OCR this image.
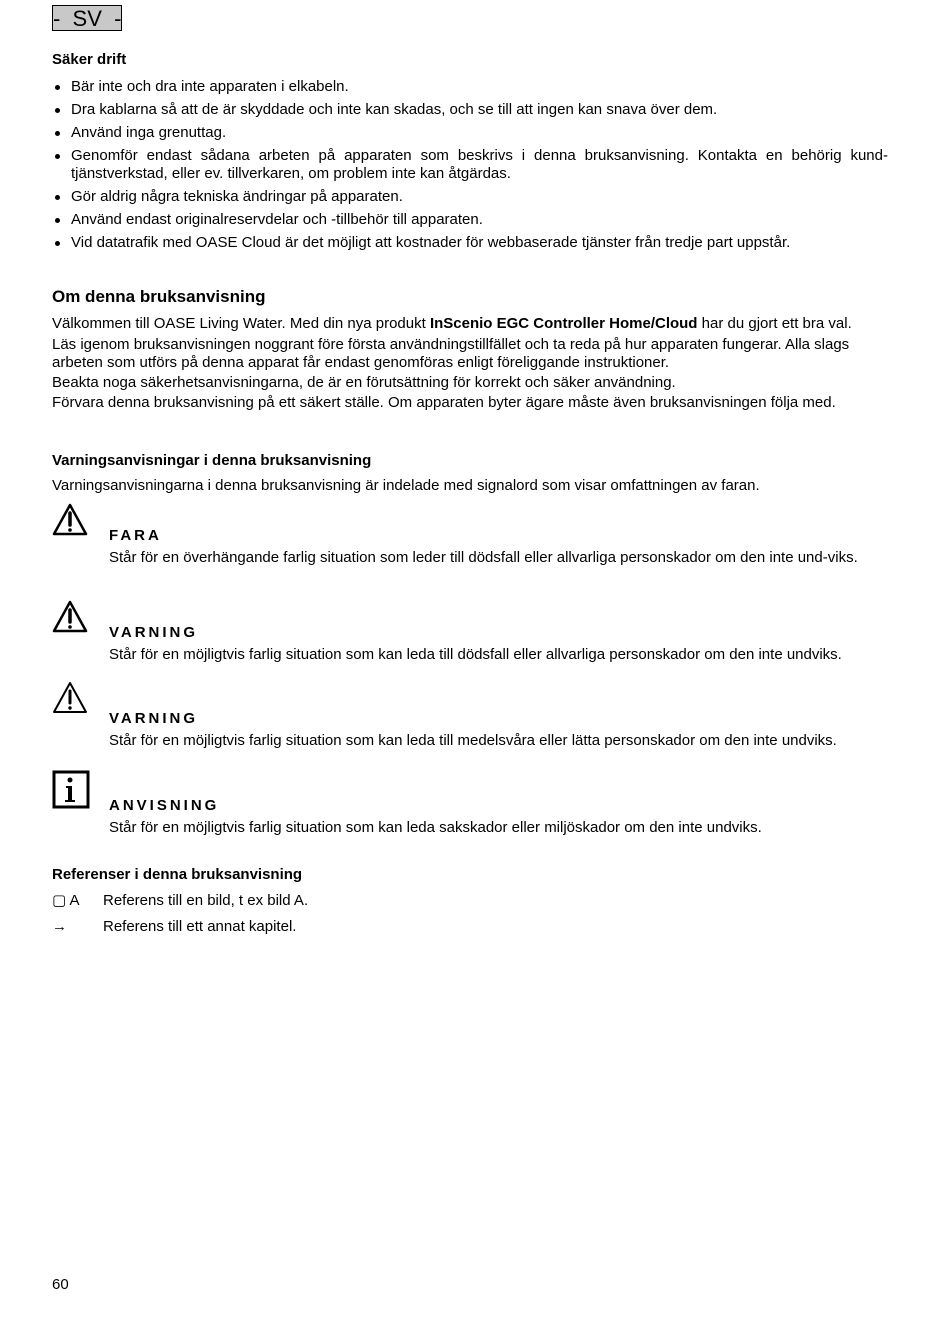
-  SV  -
Säker drift
Bär inte och dra inte apparaten i elkabeln.
Dra kablarna så att de är skyddade och inte kan skadas, och se till att ingen kan snava över dem.
Använd inga grenuttag.
Genomför endast sådana arbeten på apparaten som beskrivs i denna bruksanvisning. Kontakta en behörig kund-tjänstverkstad, eller ev. tillverkaren, om problem inte kan åtgärdas.
Gör aldrig några tekniska ändringar på apparaten.
Använd endast originalreservdelar och -tillbehör till apparaten.
Vid datatrafik med OASE Cloud är det möjligt att kostnader för webbaserade tjänster från tredje part uppstår.
Om denna bruksanvisning

Välkommen till OASE Living Water. Med din nya produkt InScenio EGC Controller Home/Cloud har du gjort ett bra val.

Läs igenom bruksanvisningen noggrant före första användningstillfället och ta reda på hur apparaten fungerar. Alla slags arbeten som utförs på denna apparat får endast genomföras enligt föreliggande instruktioner.

Beakta noga säkerhetsanvisningarna, de är en förutsättning för korrekt och säker användning.

Förvara denna bruksanvisning på ett säkert ställe. Om apparaten byter ägare måste även bruksanvisningen följa med.

Varningsanvisningar i denna bruksanvisning

Varningsanvisningarna i denna bruksanvisning är indelade med signalord som visar omfattningen av faran.

FARA

Står för en överhängande farlig situation som leder till dödsfall eller allvarliga personskador om den inte und-viks.

VARNING

Står för en möjligtvis farlig situation som kan leda till dödsfall eller allvarliga personskador om den inte undviks.

VARNING

Står för en möjligtvis farlig situation som kan leda till medelsvåra eller lätta personskador om den inte undviks.

ANVISNING

Står för en möjligtvis farlig situation som kan leda sakskador eller miljöskador om den inte undviks.

Referenser i denna bruksanvisning
▢ A Referens till en bild, t ex bild A.
→ Referens till ett annat kapitel.
60
